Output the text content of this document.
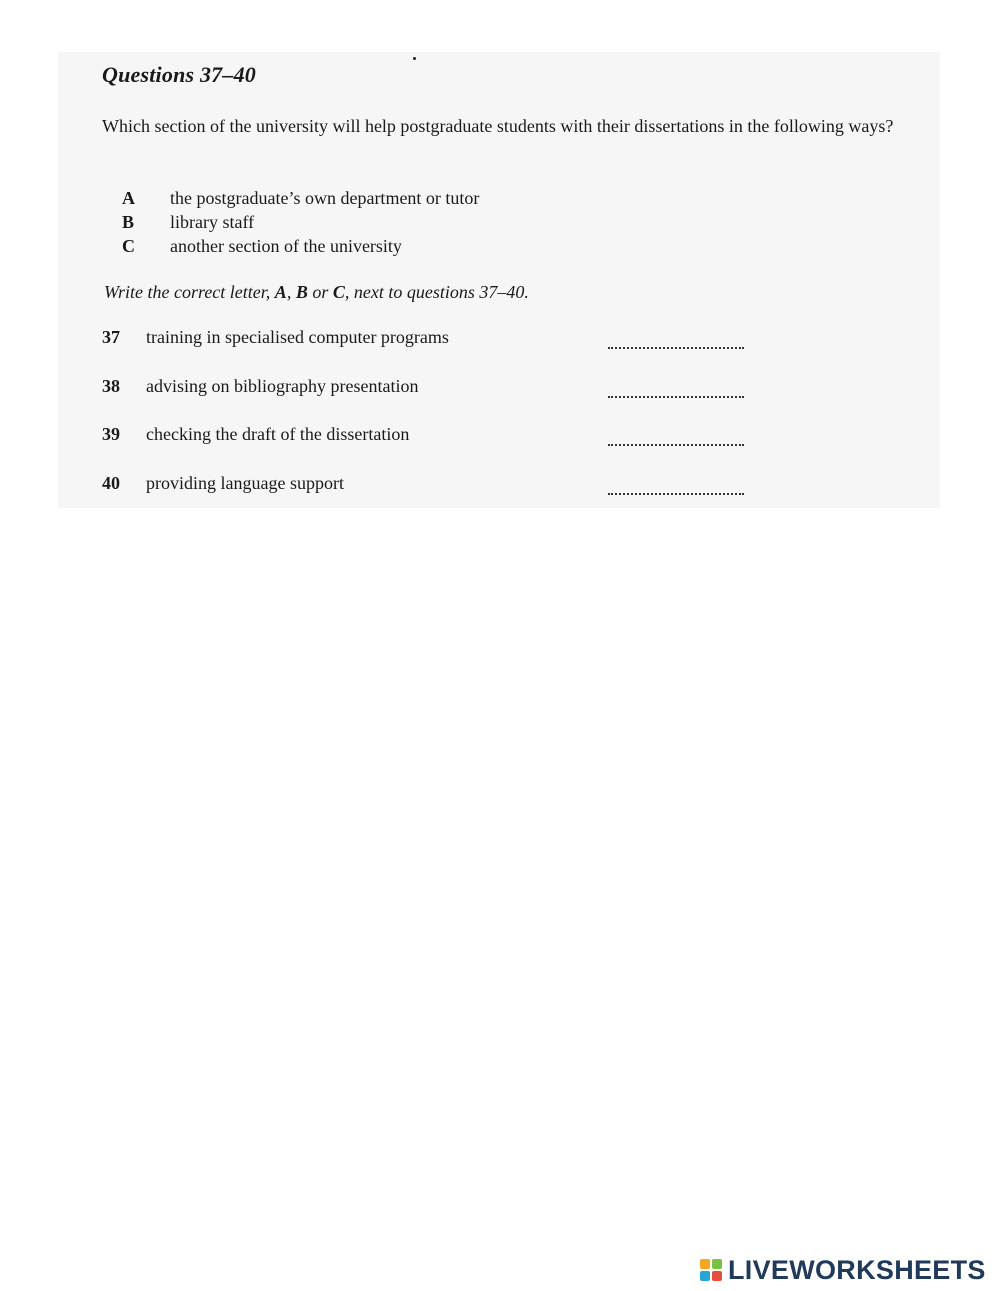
Questions 37–40
Which section of the university will help postgraduate students with their dissertations in the following ways?
A	the postgraduate’s own department or tutor
B	library staff
C	another section of the university
Write the correct letter, A, B or C, next to questions 37–40.
37 training in specialised computer programs
38 advising on bibliography presentation
39 checking the draft of the dissertation
40 providing language support
LIVEWORKSHEETS
